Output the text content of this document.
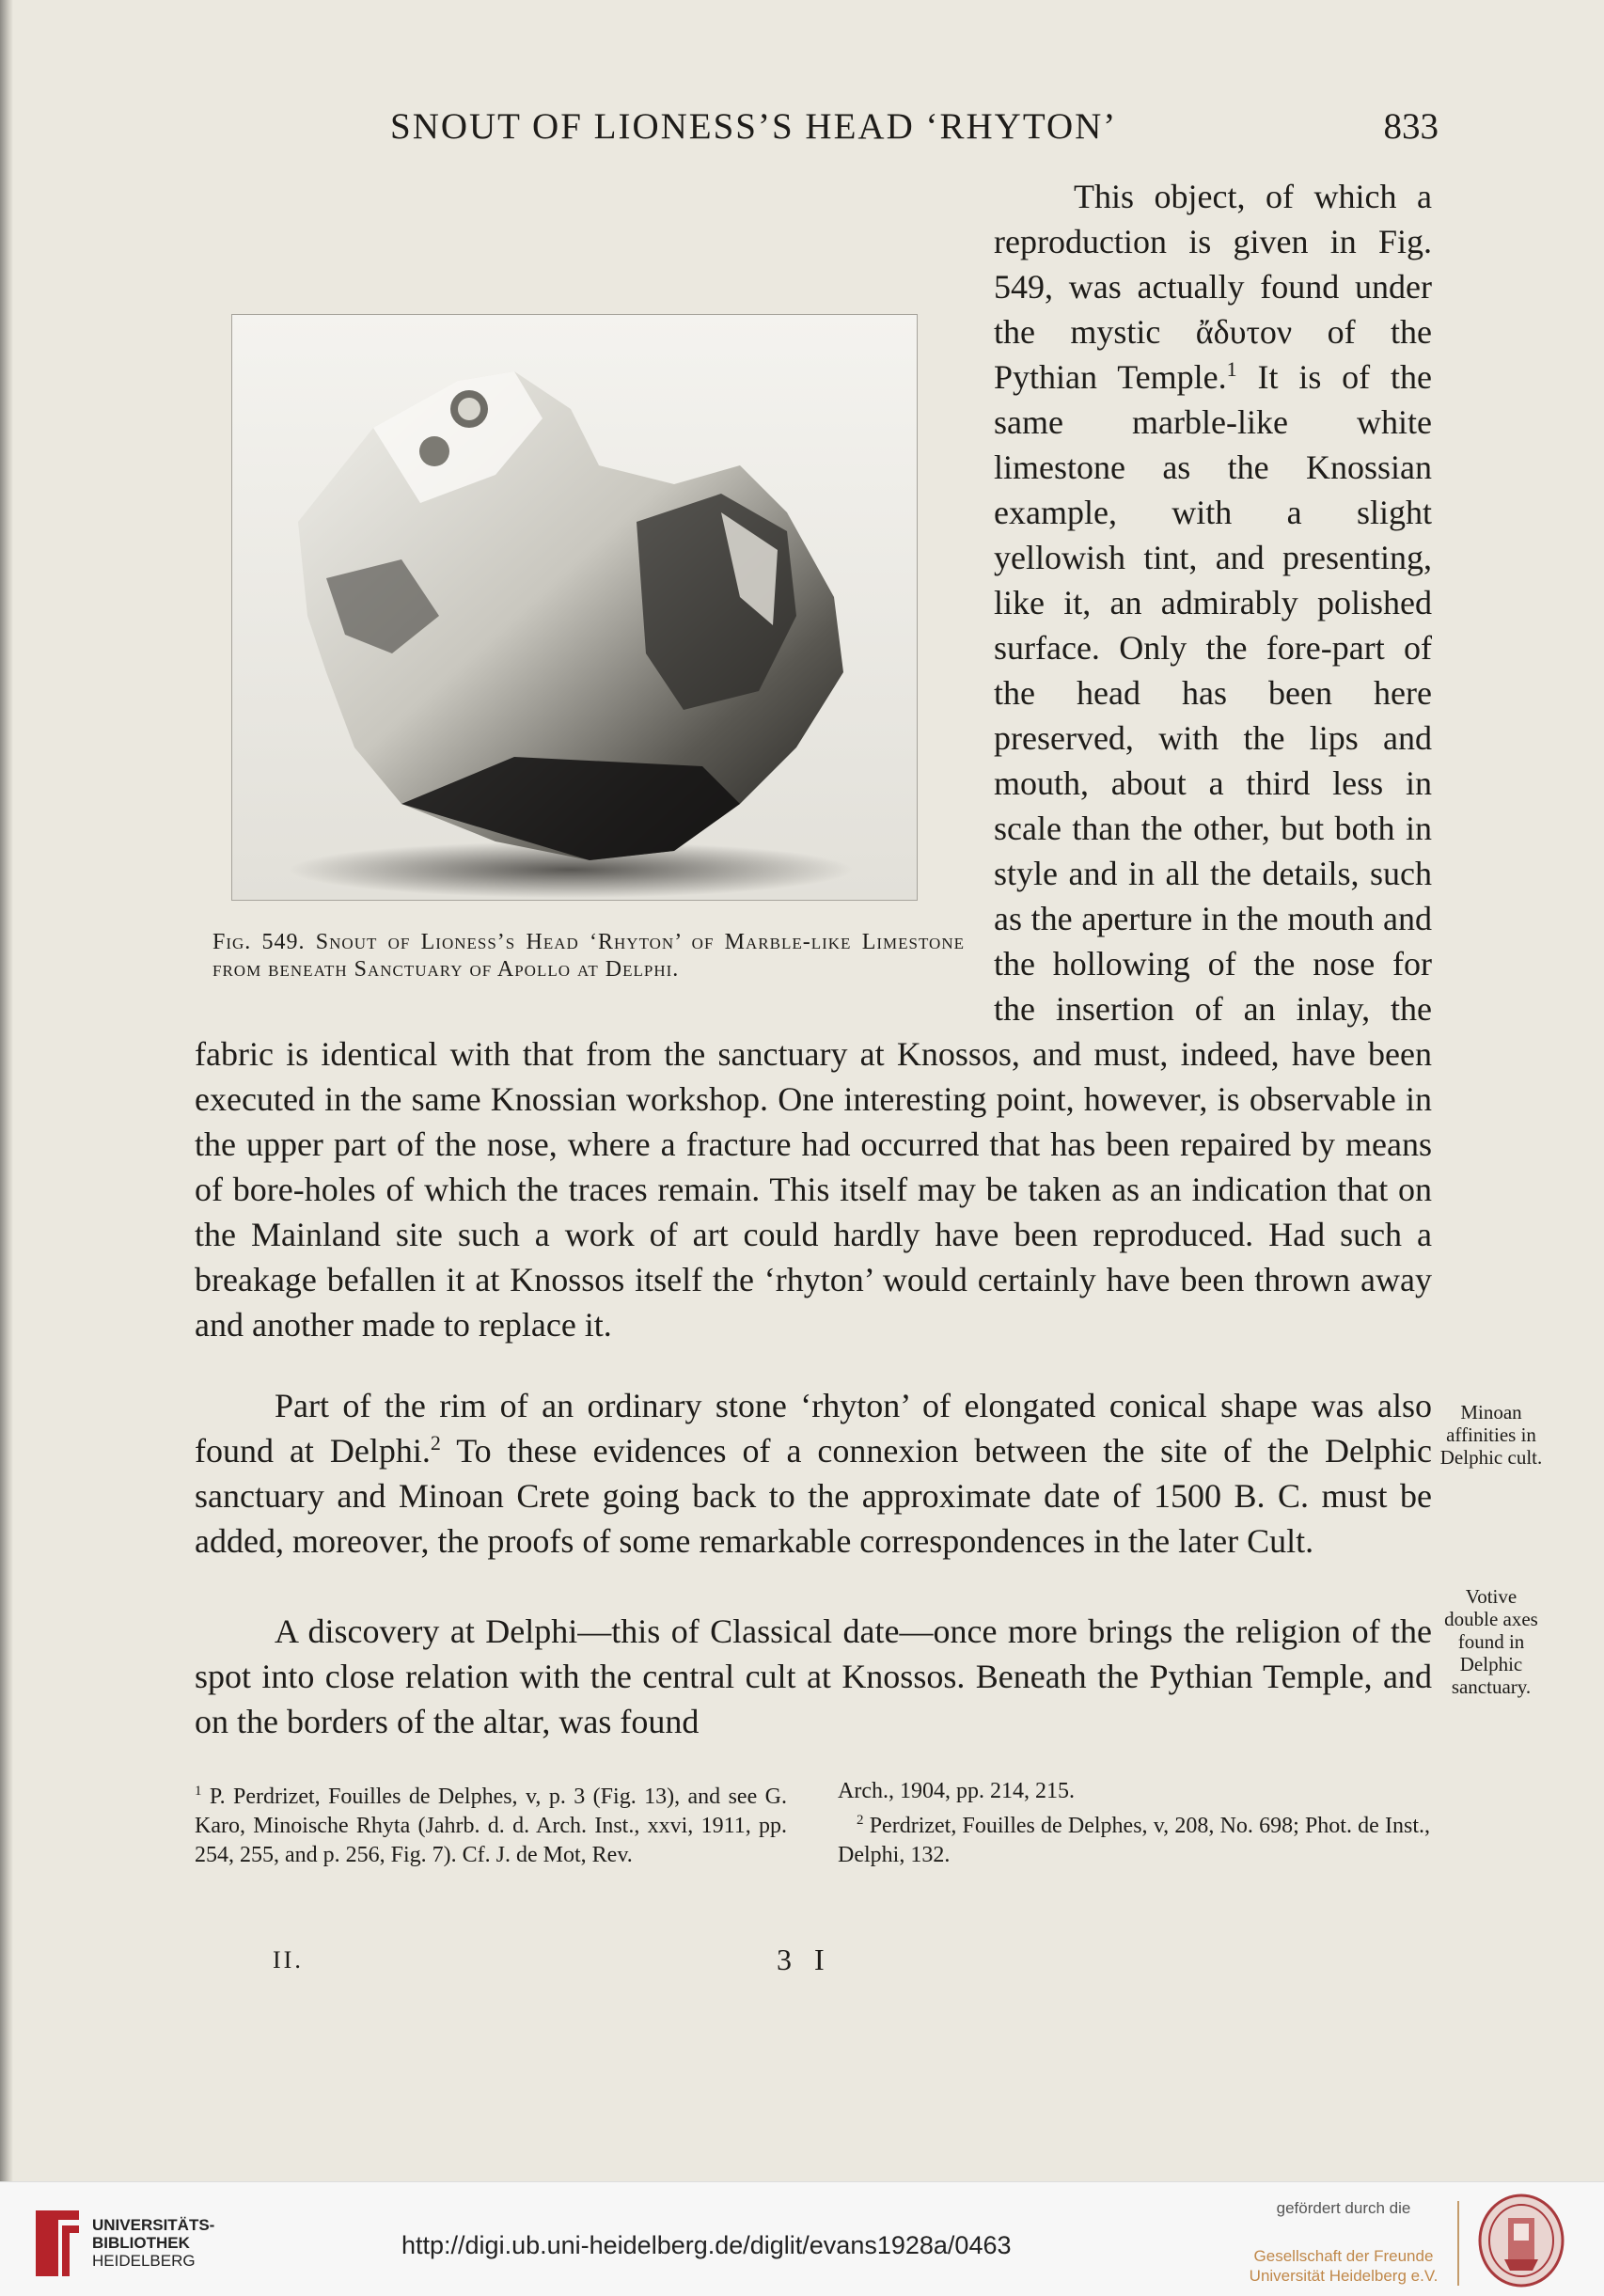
SNOUT OF LIONESS’S HEAD ‘RHYTON’	833
Fig. 549. Snout of Lioness’s Head ‘Rhyton’ of Marble-like Limestone from beneath Sanctuary of Apollo at Delphi.

This object, of which a reproduction is given in Fig. 549, was actually found under the mystic ἄδυτον of the Pythian Temple.$^1$ It is of the same marble-like white limestone as the Knossian example, with a slight yellowish tint, and presenting, like it, an admirably polished surface. Only the fore-part of the head has been here preserved, with the lips and mouth, about a third less in scale than the other, but both in style and in all the details, such as the aperture in the mouth and the hollowing of the nose for the insertion of an inlay, the fabric is identical with that from the sanctuary at Knossos, and must, indeed, have been executed in the same Knossian workshop. One interesting point, however, is observable in the upper part of the nose, where a fracture had occurred that has been repaired by means of bore-holes of which the traces remain. This itself may be taken as an indication that on the Mainland site such a work of art could hardly have been reproduced. Had such a breakage befallen it at Knossos itself the ‘rhyton’ would certainly have been thrown away and another made to replace it.

Part of the rim of an ordinary stone ‘rhyton’ of elongated conical shape was also found at Delphi.$^2$ To these evidences of a connexion between the site of the Delphic sanctuary and Minoan Crete going back to the approximate date of 1500 B. C. must be added, moreover, the proofs of some remarkable correspondences in the later Cult.

A discovery at Delphi—this of Classical date—once more brings the religion of the spot into close relation with the central cult at Knossos. Beneath the Pythian Temple, and on the borders of the altar, was found

Minoan affinities in Delphic cult.
Votive double axes found in Delphic sanctuary.
$^1$ P. Perdrizet, Fouilles de Delphes, v, p. 3 (Fig. 13), and see G. Karo, Minoische Rhyta (Jahrb. d. d. Arch. Inst., xxvi, 1911, pp. 254, 255, and p. 256, Fig. 7). Cf. J. de Mot, Rev.
Arch., 1904, pp. 214, 215.
$^2$ Perdrizet, Fouilles de Delphes, v, 208, No. 698; Phot. de Inst., Delphi, 132.
II.	3 I
UNIVERSITÄTS-
BIBLIOTHEK
HEIDELBERG
http://digi.ub.uni-heidelberg.de/diglit/evans1928a/0463
gefördert durch die
Gesellschaft der Freunde
Universität Heidelberg e.V.
